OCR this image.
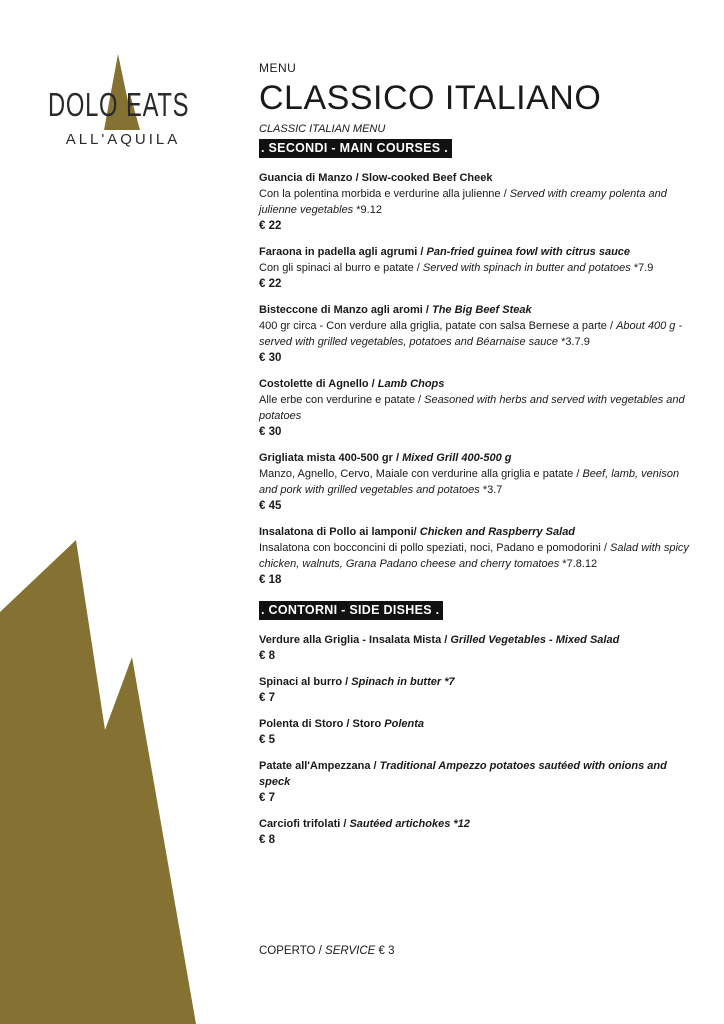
DOLO EATS
ALL'AQUILA

MENU

CLASSICO ITALIANO

CLASSIC ITALIAN MENU

. SECONDI - MAIN COURSES .
Guancia di Manzo / Slow-cooked Beef Cheek
Con la polentina morbida e verdurine alla julienne / Served with creamy polenta and julienne vegetables *9.12
€ 22
Faraona in padella agli agrumi / Pan-fried guinea fowl with citrus sauce
Con gli spinaci al burro e patate / Served with spinach in butter and potatoes *7.9
€ 22
Bisteccone di Manzo agli aromi / The Big Beef Steak
400 gr circa - Con verdure alla griglia, patate con salsa Bernese a parte / About 400 g - served with grilled vegetables, potatoes and Béarnaise sauce *3.7.9
€ 30
Costolette di Agnello / Lamb Chops
Alle erbe con verdurine e patate / Seasoned with herbs and served with vegetables and potatoes
€ 30
Grigliata mista 400-500 gr / Mixed Grill 400-500 g
Manzo, Agnello, Cervo, Maiale con verdurine alla griglia e patate / Beef, lamb, venison and pork with grilled vegetables and potatoes *3.7
€ 45
Insalatona di Pollo ai lamponi/ Chicken and Raspberry Salad
Insalatona con bocconcini di pollo speziati, noci, Padano e pomodorini / Salad with spicy chicken, walnuts, Grana Padano cheese and cherry tomatoes *7.8.12
€ 18
. CONTORNI - SIDE DISHES .
Verdure alla Griglia - Insalata Mista / Grilled Vegetables - Mixed Salad
€ 8
Spinaci al burro / Spinach in butter *7
€ 7
Polenta di Storo / Storo Polenta
€ 5
Patate all'Ampezzana / Traditional Ampezzo potatoes sautéed with onions and speck
€ 7
Carciofi trifolati / Sautéed artichokes *12
€ 8
COPERTO / SERVICE € 3
